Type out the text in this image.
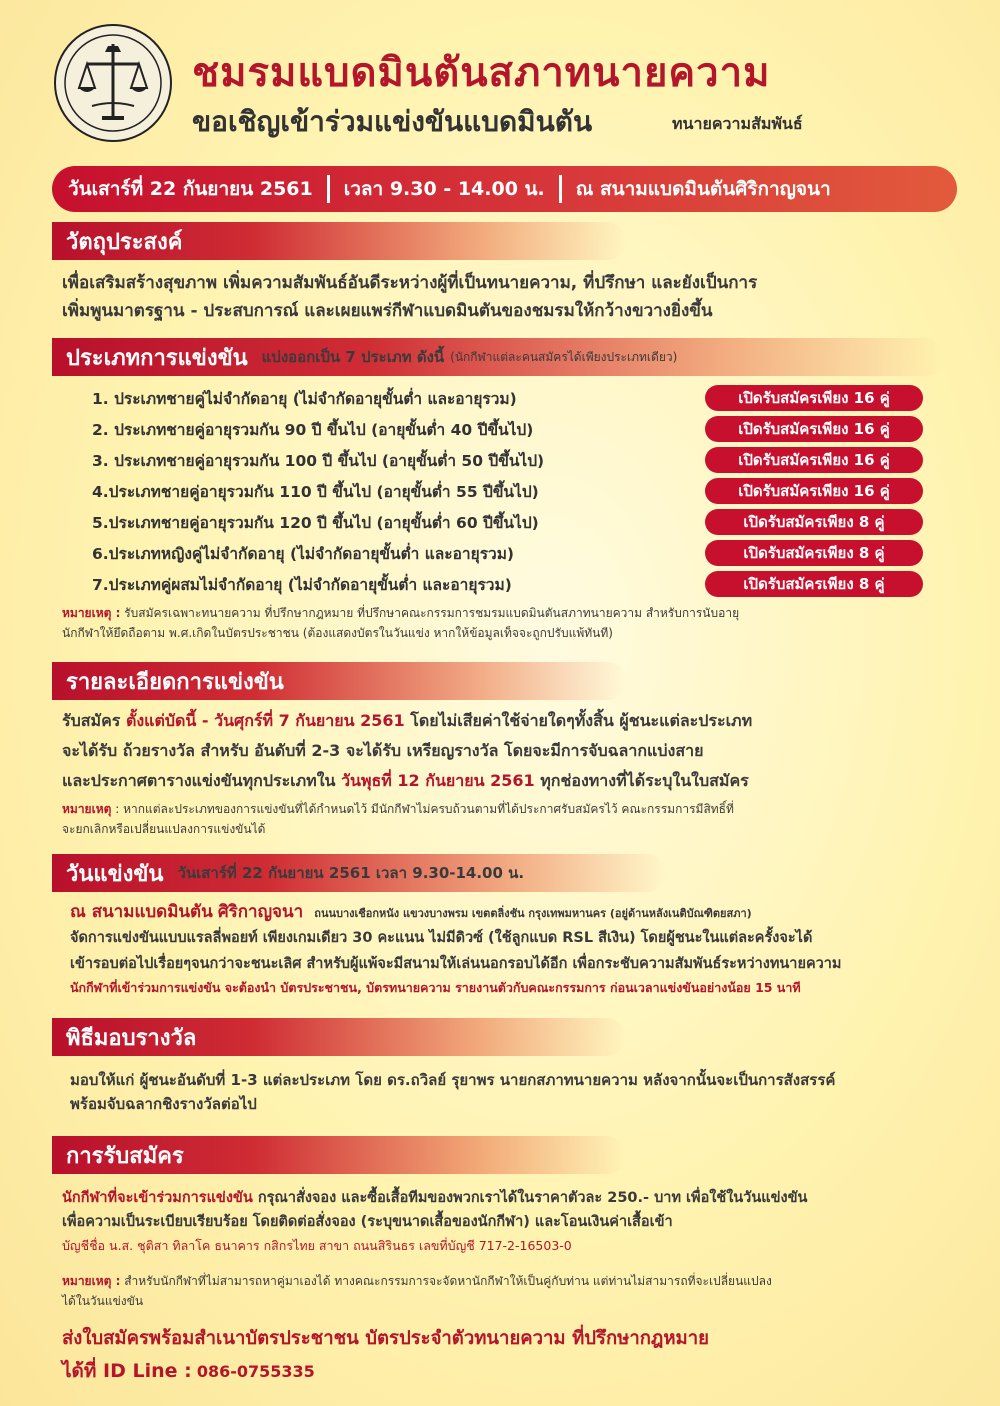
ชมรมแบดมินตันสภาทนายความ
ขอเชิญเข้าร่วมแข่งขันแบดมินตัน	ทนายความสัมพันธ์
วันเสาร์ที่ 22 กันยายน 2561 เวลา 9.30 - 14.00 น. ณ สนามแบดมินตันศิริกาญจนา
วัตถุประสงค์
เพื่อเสริมสร้างสุขภาพ เพิ่มความสัมพันธ์อันดีระหว่างผู้ที่เป็นทนายความ, ที่ปรึกษา และยังเป็นการ
เพิ่มพูนมาตรฐาน - ประสบการณ์ และเผยแพร่กีฬาแบดมินตันของชมรมให้กว้างขวางยิ่งขึ้น
ประเภทการแข่งขัน แบ่งออกเป็น 7 ประเภท ดังนี้ (นักกีฬาแต่ละคนสมัครได้เพียงประเภทเดียว)
1. ประเภทชายคู่ไม่จำกัดอายุ (ไม่จำกัดอายุขั้นต่ำ และอายุรวม)	เปิดรับสมัครเพียง 16 คู่
2. ประเภทชายคู่อายุรวมกัน 90 ปี ขึ้นไป (อายุขั้นต่ำ 40 ปีขึ้นไป)	เปิดรับสมัครเพียง 16 คู่
3. ประเภทชายคู่อายุรวมกัน 100 ปี ขึ้นไป (อายุขั้นต่ำ 50 ปีขึ้นไป)	เปิดรับสมัครเพียง 16 คู่
4.ประเภทชายคู่อายุรวมกัน 110 ปี ขึ้นไป (อายุขั้นต่ำ 55 ปีขึ้นไป)	เปิดรับสมัครเพียง 16 คู่
5.ประเภทชายคู่อายุรวมกัน 120 ปี ขึ้นไป (อายุขั้นต่ำ 60 ปีขึ้นไป)	เปิดรับสมัครเพียง 8 คู่
6.ประเภทหญิงคู่ไม่จำกัดอายุ (ไม่จำกัดอายุขั้นต่ำ และอายุรวม)	เปิดรับสมัครเพียง 8 คู่
7.ประเภทคู่ผสมไม่จำกัดอายุ (ไม่จำกัดอายุขั้นต่ำ และอายุรวม)	เปิดรับสมัครเพียง 8 คู่
หมายเหตุ : รับสมัครเฉพาะทนายความ ที่ปรึกษากฎหมาย ที่ปรึกษาคณะกรรมการชมรมแบดมินตันสภาทนายความ สำหรับการนับอายุ
นักกีฬาให้ยึดถือตาม พ.ศ.เกิดในบัตรประชาชน (ต้องแสดงบัตรในวันแข่ง หากให้ข้อมูลเท็จจะถูกปรับแพ้ทันที)
รายละเอียดการแข่งขัน
รับสมัคร ตั้งแต่บัดนี้ - วันศุกร์ที่ 7 กันยายน 2561 โดยไม่เสียค่าใช้จ่ายใดๆทั้งสิ้น ผู้ชนะแต่ละประเภท
จะได้รับ ถ้วยรางวัล สำหรับ อันดับที่ 2-3 จะได้รับ เหรียญรางวัล โดยจะมีการจับฉลากแบ่งสาย
และประกาศตารางแข่งขันทุกประเภทใน วันพุธที่ 12 กันยายน 2561 ทุกช่องทางที่ได้ระบุในใบสมัคร
หมายเหตุ : หากแต่ละประเภทของการแข่งขันที่ได้กำหนดไว้ มีนักกีฬาไม่ครบถ้วนตามที่ได้ประกาศรับสมัครไว้ คณะกรรมการมีสิทธิ์ที่
จะยกเลิกหรือเปลี่ยนแปลงการแข่งขันได้
วันแข่งขัน วันเสาร์ที่ 22 กันยายน 2561 เวลา 9.30-14.00 น.
ณ สนามแบดมินตัน ศิริกาญจนา ถนนบางเชือกหนัง แขวงบางพรม เขตตลิ่งชัน กรุงเทพมหานคร (อยู่ด้านหลังเนติบัณฑิตยสภา)
จัดการแข่งขันแบบแรลลี่พอยท์ เพียงเกมเดียว 30 คะแนน ไม่มีดิวซ์ (ใช้ลูกแบด RSL สีเงิน) โดยผู้ชนะในแต่ละครั้งจะได้
เข้ารอบต่อไปเรื่อยๆจนกว่าจะชนะเลิศ สำหรับผู้แพ้จะมีสนามให้เล่นนอกรอบได้อีก เพื่อกระชับความสัมพันธ์ระหว่างทนายความ
นักกีฬาที่เข้าร่วมการแข่งขัน จะต้องนำ บัตรประชาชน, บัตรทนายความ รายงานตัวกับคณะกรรมการ ก่อนเวลาแข่งขันอย่างน้อย 15 นาที
พิธีมอบรางวัล
มอบให้แก่ ผู้ชนะอันดับที่ 1-3 แต่ละประเภท โดย ดร.ถวิลย์ รุยาพร นายกสภาทนายความ หลังจากนั้นจะเป็นการสังสรรค์
พร้อมจับฉลากชิงรางวัลต่อไป
การรับสมัคร
นักกีฬาที่จะเข้าร่วมการแข่งขัน กรุณาสั่งจอง และซื้อเสื้อทีมของพวกเราได้ในราคาตัวละ 250.- บาท เพื่อใช้ในวันแข่งขัน
เพื่อความเป็นระเบียบเรียบร้อย โดยติดต่อสั่งจอง (ระบุขนาดเสื้อของนักกีฬา) และโอนเงินค่าเสื้อเข้า
บัญชีชื่อ น.ส. ชุติสา ทิลาโค ธนาคาร กสิกรไทย สาขา ถนนสิรินธร เลขที่บัญชี 717-2-16503-0
หมายเหตุ : สำหรับนักกีฬาที่ไม่สามารถหาคู่มาเองได้ ทางคณะกรรมการจะจัดหานักกีฬาให้เป็นคู่กับท่าน แต่ท่านไม่สามารถที่จะเปลี่ยนแปลง
ได้ในวันแข่งขัน
ส่งใบสมัครพร้อมสำเนาบัตรประชาชน บัตรประจำตัวทนายความ ที่ปรึกษากฎหมาย
ได้ที่ ID Line : 086-0755335
